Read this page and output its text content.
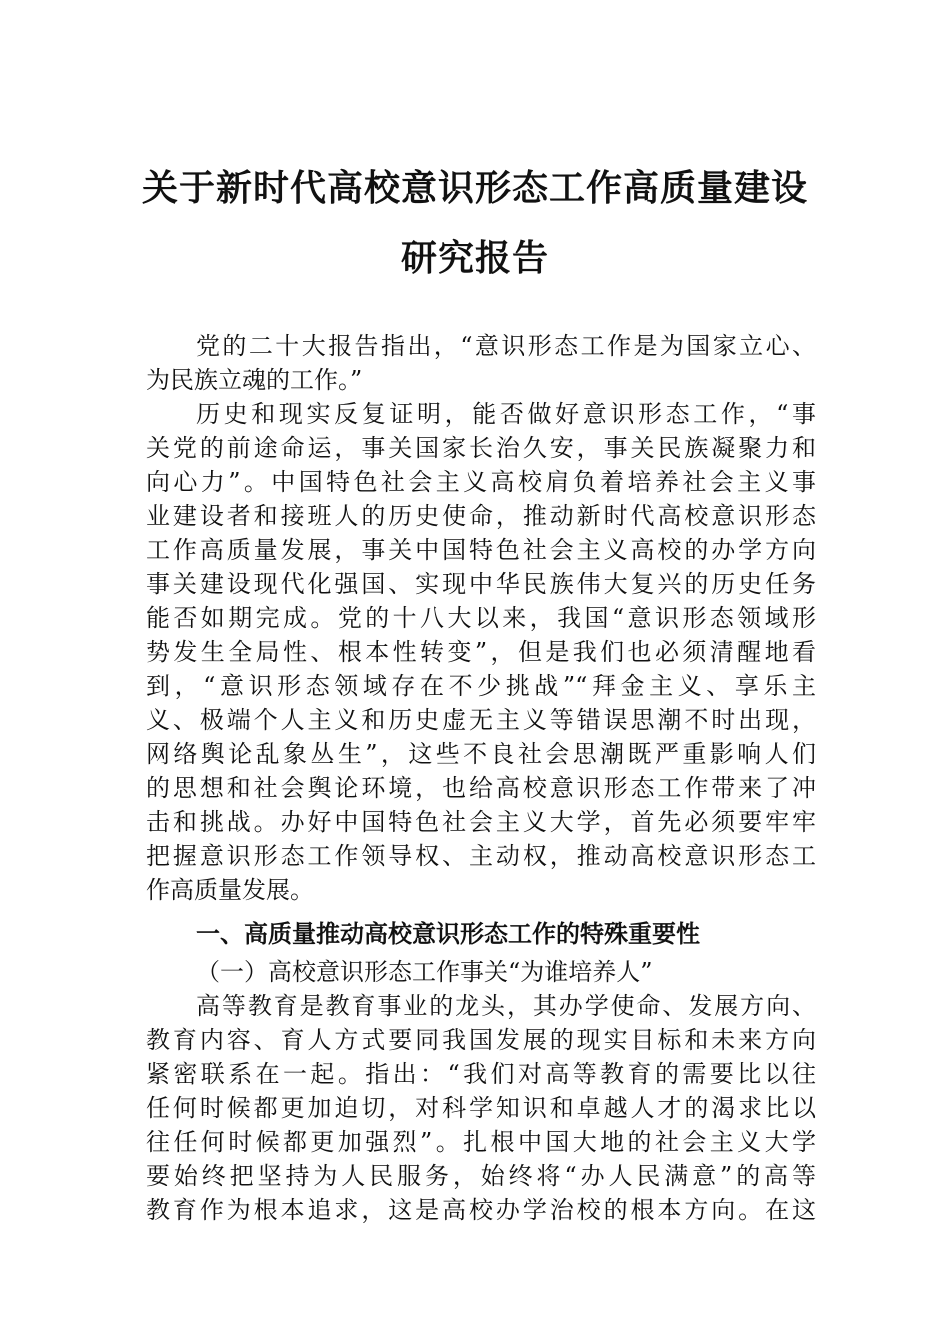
关于新时代高校意识形态工作高质量建设
研究报告
党的二十大报告指出，“意识形态工作是为国家立心、
为民族立魂的工作。”
历史和现实反复证明，能否做好意识形态工作，“事
关党的前途命运，事关国家长治久安，事关民族凝聚力和
向心力”。中国特色社会主义高校肩负着培养社会主义事
业建设者和接班人的历史使命，推动新时代高校意识形态
工作高质量发展，事关中国特色社会主义高校的办学方向
事关建设现代化强国、实现中华民族伟大复兴的历史任务
能否如期完成。党的十八大以来，我国“意识形态领域形
势发生全局性、根本性转变”，但是我们也必须清醒地看
到，“意识形态领域存在不少挑战”“拜金主义、享乐主
义、极端个人主义和历史虚无主义等错误思潮不时出现，
网络舆论乱象丛生”，这些不良社会思潮既严重影响人们
的思想和社会舆论环境，也给高校意识形态工作带来了冲
击和挑战。办好中国特色社会主义大学，首先必须要牢牢
把握意识形态工作领导权、主动权，推动高校意识形态工
作高质量发展。
一、高质量推动高校意识形态工作的特殊重要性
（一）高校意识形态工作事关“为谁培养人”
高等教育是教育事业的龙头，其办学使命、发展方向、
教育内容、育人方式要同我国发展的现实目标和未来方向
紧密联系在一起。指出：“我们对高等教育的需要比以往
任何时候都更加迫切，对科学知识和卓越人才的渴求比以
往任何时候都更加强烈”。扎根中国大地的社会主义大学
要始终把坚持为人民服务，始终将“办人民满意”的高等
教育作为根本追求，这是高校办学治校的根本方向。在这
